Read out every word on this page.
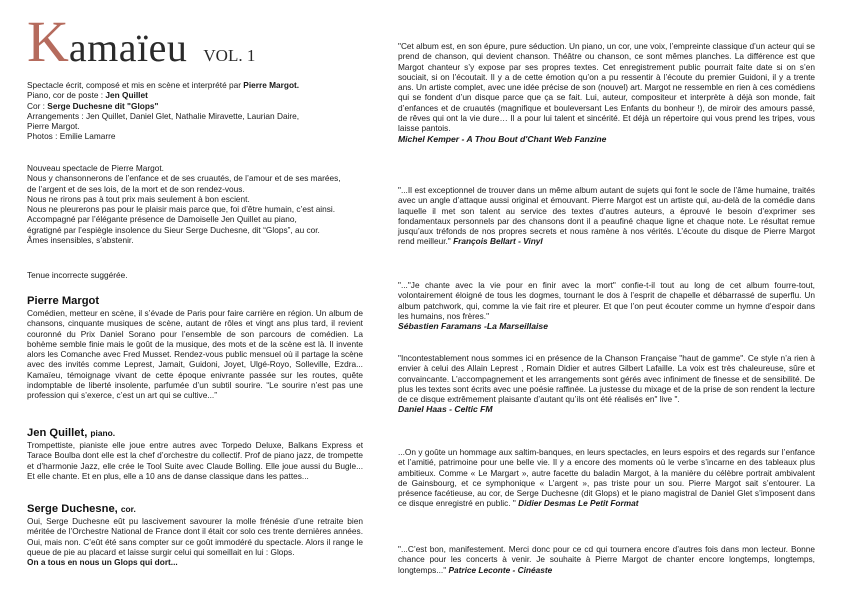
Kamaïeu VOL. 1
Spectacle écrit, composé et mis en scène et interprété par Pierre Margot.
Piano, cor de poste : Jen Quillet
Cor : Serge Duchesne dit "Glops"
Arrangements : Jen Quillet, Daniel Glet, Nathalie Miravette, Laurian Daire,
Pierre Margot.
Photos : Emilie Lamarre
Nouveau spectacle de Pierre Margot.
Nous y chansonnerons de l’enfance et de ses cruautés, de l’amour et de ses marées,
de l’argent et de ses lois, de la mort et de son rendez-vous.
Nous ne rirons pas à tout prix mais seulement à bon escient.
Nous ne pleurerons pas pour le plaisir mais parce que, foi d’être humain, c’est ainsi.
Accompagné par l’élégante présence de Damoiselle Jen Quillet au piano,
égratigné par l’espiègle insolence du Sieur Serge Duchesne, dit “Glops”, au cor.
Âmes insensibles, s’abstenir.
Tenue incorrecte suggérée.
Pierre Margot
Comédien, metteur en scène, il s’évade de Paris pour faire carrière en région. Un album de chansons, cinquante musiques de scène, autant de rôles et vingt ans plus tard, il revient couronné du Prix Daniel Sorano pour l’ensemble de son parcours de comédien. La bohème semble finie mais le goût de la musique, des mots et de la scène est là. Il invente alors les Comanche avec Fred Musset. Rendez-vous public mensuel où il partage la scène avec des invités comme Leprest, Jamait, Guidoni, Joyet, Ulgé-Royo, Solleville, Ezdra... Kamaïeu, témoignage vivant de cette époque enivrante passée sur les routes, quête indomptable de liberté insolente, parfumée d’un subtil sourire. “Le sourire n’est pas une profession qui s’exerce, c’est un art qui se cultive...”
Jen Quillet, piano.
Trompettiste, pianiste elle joue entre autres avec Torpedo Deluxe, Balkans Express et Tarace Boulba dont elle est la chef d’orchestre du collectif. Prof de piano jazz, de trompette et d’harmonie Jazz, elle crée le Tool Suite avec Claude Bolling. Elle joue aussi du Bugle... Et elle chante. Et en plus, elle a 10 ans de danse classique dans les pattes...
Serge Duchesne, cor.
Oui, Serge Duchesne eût pu lascivement savourer la molle frénésie d’une retraite bien méritée de l’Orchestre National de France dont il était cor solo ces trente dernières années. Oui, mais non. C’eût été sans compter sur ce goût immodéré du spectacle. Alors il range le queue de pie au placard et laisse surgir celui qui someillait en lui : Glops.
On a tous en nous un Glops qui dort...
"Cet album est, en son épure, pure séduction. Un piano, un cor, une voix, l’empreinte classique d’un acteur qui se prend de chanson, qui devient chanson. Théâtre ou chanson, ce sont mêmes planches. La différence est que Margot chanteur s’y expose par ses propres textes. Cet enregistrement public pourrait faite date si on s’en souciait, si on l’écoutait. Il y a de cette émotion qu’on a pu ressentir à l’écoute du premier Guidoni, il y a trente ans. Un artiste complet, avec une idée précise de son (nouvel) art. Margot ne ressemble en rien à ces comédiens qui se fondent d’un disque parce que ça se fait. Lui, auteur, compositeur et interprète à déjà son monde, fait d’enfances et de cruautés (magnifique et bouleversant Les Enfants du bonheur !), de miroir des amours passé, de rêves qui ont la vie dure… Il a pour lui talent et sincérité. Et déjà un répertoire qui vous prend les tripes, vous laisse pantois.
Michel Kemper - A Thou Bout d'Chant Web Fanzine
"...Il est exceptionnel de trouver dans un même album autant de sujets qui font le socle de l’âme humaine, traités avec un angle d’attaque aussi original et émouvant. Pierre Margot est un artiste qui, au-delà de la comédie dans laquelle il met son talent au service des textes d’autres auteurs, a éprouvé le besoin d’exprimer ses fondamentaux personnels par des chansons dont il a peaufiné chaque ligne et chaque note. Le résultat remue jusqu’aux tréfonds de nos propres secrets et nous ramène à nos vérités. L’écoute du disque de Pierre Margot rend meilleur." François Bellart - Vinyl
"..."Je chante avec la vie pour en finir avec la mort" confie-t-il tout au long de cet album fourre-tout, volontairement éloigné de tous les dogmes, tournant le dos à l’esprit de chapelle et débarrassé de superflu. Un album patchwork, qui, comme la vie fait rire et pleurer. Et que l’on peut écouter comme un hymne d’espoir dans les humains, nos frères."
Sébastien Faramans -La Marseillaise
"Incontestablement nous sommes ici en présence de la Chanson Française "haut de gamme". Ce style n’a rien à envier à celui des Allain Leprest , Romain Didier et autres Gilbert Lafaille. La voix est très chaleureuse, sûre et convaincante. L’accompagnement et les arrangements sont gérés avec infiniment de finesse et de sensibilité. De plus les textes sont écrits avec une poésie raffinée. La justesse du mixage et de la prise de son rendent la lecture de ce disque extrêmement plaisante d’autant qu’ils ont été réalisés en" live ".
Daniel Haas - Celtic FM
...On y goûte un hommage aux saltim-banques, en leurs spectacles, en leurs espoirs et des regards sur l’enfance et l’amitié, patrimoine pour une belle vie. Il y a encore des moments où le verbe s’incarne en des tableaux plus ambitieux. Comme « Le Margart », autre facette du baladin Margot, à la manière du célèbre portrait ambivalent de Gainsbourg, et ce symphonique « L’argent », pas triste pour un sou. Pierre Margot sait s’entourer. La présence facétieuse, au cor, de Serge Duchesne (dit Glops) et le piano magistral de Daniel Glet s’imposent dans ce disque enregistré en public. " Didier Desmas Le Petit Format
"...C’est bon, manifestement. Merci donc pour ce cd qui tournera encore d’autres fois dans mon lecteur. Bonne chance pour les concerts à venir. Je souhaite à Pierre Margot de chanter encore longtemps, longtemps, longtemps..." Patrice Leconte - Cinéaste
